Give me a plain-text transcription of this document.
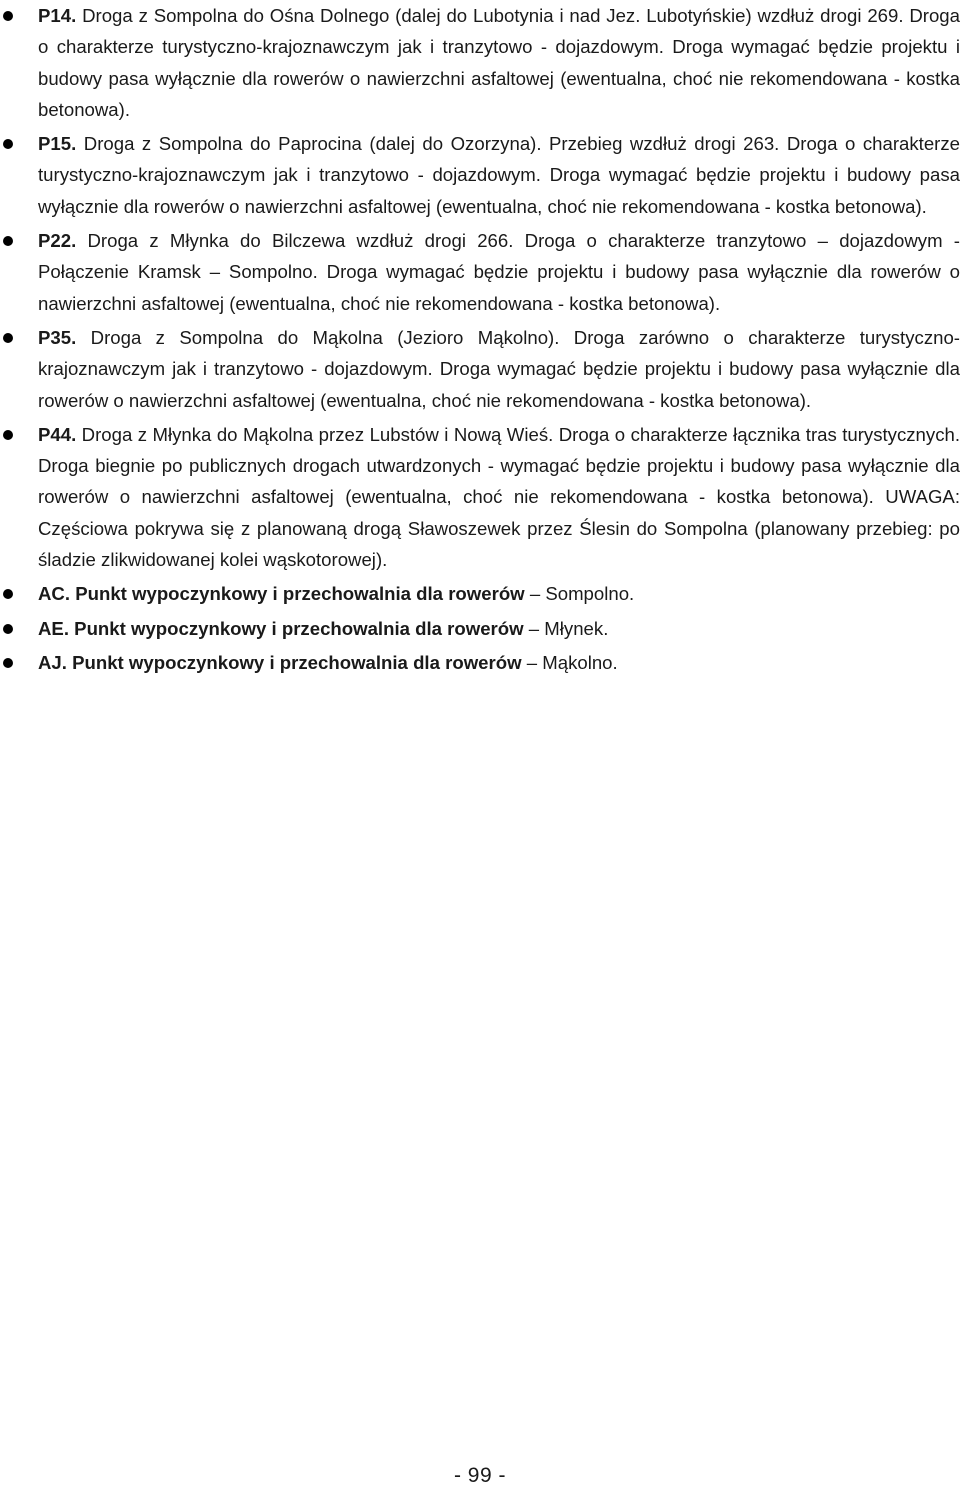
P14. Droga z Sompolna do Ośna Dolnego (dalej do Lubotynia i nad Jez. Lubotyńskie) wzdłuż drogi 269. Droga o charakterze turystyczno-krajoznawczym jak i tranzytowo - dojazdowym. Droga wymagać będzie projektu i budowy pasa wyłącznie dla rowerów o nawierzchni asfaltowej (ewentualna, choć nie rekomendowana - kostka betonowa).
P15. Droga z Sompolna do Paprocina (dalej do Ozorzyna). Przebieg wzdłuż drogi 263. Droga o charakterze turystyczno-krajoznawczym jak i tranzytowo - dojazdowym. Droga wymagać będzie projektu i budowy pasa wyłącznie dla rowerów o nawierzchni asfaltowej (ewentualna, choć nie rekomendowana - kostka betonowa).
P22. Droga z Młynka do Bilczewa wzdłuż drogi 266. Droga o charakterze tranzytowo – dojazdowym - Połączenie Kramsk – Sompolno. Droga wymagać będzie projektu i budowy pasa wyłącznie dla rowerów o nawierzchni asfaltowej (ewentualna, choć nie rekomendowana - kostka betonowa).
P35. Droga z Sompolna do Mąkolna (Jezioro Mąkolno). Droga zarówno o charakterze turystyczno-krajoznawczym jak i tranzytowo - dojazdowym. Droga wymagać będzie projektu i budowy pasa wyłącznie dla rowerów o nawierzchni asfaltowej (ewentualna, choć nie rekomendowana - kostka betonowa).
P44. Droga z Młynka do Mąkolna przez Lubstów i Nową Wieś. Droga o charakterze łącznika tras turystycznych. Droga biegnie po publicznych drogach utwardzonych - wymagać będzie projektu i budowy pasa wyłącznie dla rowerów o nawierzchni asfaltowej (ewentualna, choć nie rekomendowana - kostka betonowa). UWAGA: Częściowa pokrywa się z planowaną drogą Sławoszewek przez Ślesin do Sompolna (planowany przebieg: po śladzie zlikwidowanej kolei wąskotorowej).
AC. Punkt wypoczynkowy i przechowalnia dla rowerów – Sompolno.
AE. Punkt wypoczynkowy i przechowalnia dla rowerów – Młynek.
AJ. Punkt wypoczynkowy i przechowalnia dla rowerów – Mąkolno.
- 99 -
